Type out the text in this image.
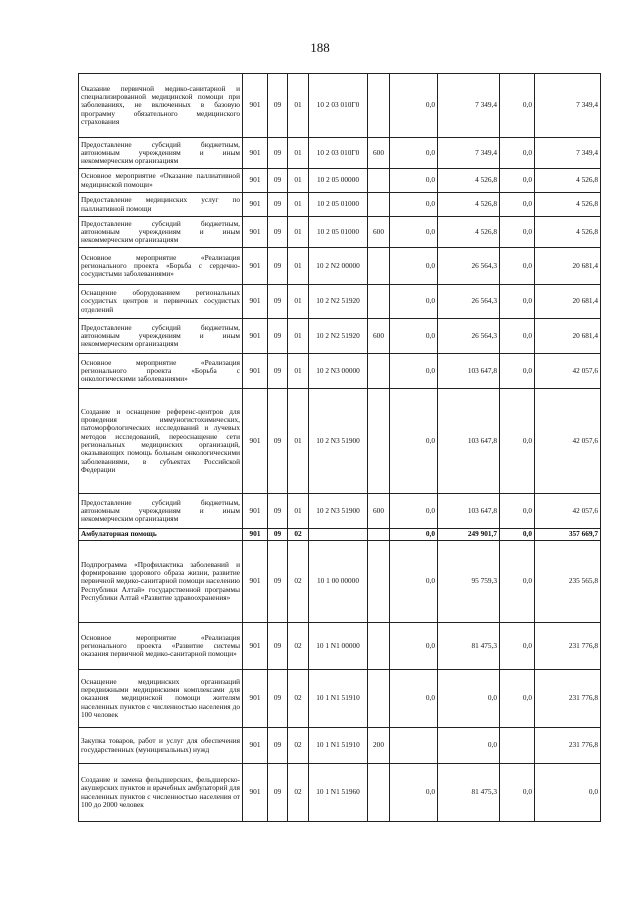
188
Оказание первичной медико-санитарной и специализированной медицинской помощи при заболеваниях, не включенных в базовую программу обязательного медицинского страхования	901	09	01	10 2 03 010Г0		0,0	7 349,4	0,0	7 349,4
Предоставление субсидий бюджетным, автономным учреждениям и иным некоммерческим организациям	901	09	01	10 2 03 010Г0	600	0,0	7 349,4	0,0	7 349,4
Основное мероприятие «Оказание паллиативной медицинской помощи»	901	09	01	10 2 05 00000		0,0	4 526,8	0,0	4 526,8
Предоставление медицинских услуг по паллиативной помощи	901	09	01	10 2 05 01000		0,0	4 526,8	0,0	4 526,8
Предоставление субсидий бюджетным, автономным учреждениям и иным некоммерческим организациям	901	09	01	10 2 05 01000	600	0,0	4 526,8	0,0	4 526,8
Основное мероприятие «Реализация регионального проекта «Борьба с сердечно-сосудистыми заболеваниями»	901	09	01	10 2 N2 00000		0,0	26 564,3	0,0	20 681,4
Оснащение оборудованием региональных сосудистых центров и первичных сосудистых отделений	901	09	01	10 2 N2 51920		0,0	26 564,3	0,0	20 681,4
Предоставление субсидий бюджетным, автономным учреждениям и иным некоммерческим организациям	901	09	01	10 2 N2 51920	600	0,0	26 564,3	0,0	20 681,4
Основное мероприятие «Реализация регионального проекта «Борьба с онкологическими заболеваниями»	901	09	01	10 2 N3 00000		0,0	103 647,8	0,0	42 057,6
Создание и оснащение референс-центров для проведения иммуногистохимических, патоморфологических исследований и лучевых методов исследований, переоснащение сети региональных медицинских организаций, оказывающих помощь больным онкологическими заболеваниями, в субъектах Российской Федерации	901	09	01	10 2 N3 51900		0,0	103 647,8	0,0	42 057,6
Предоставление субсидий бюджетным, автономным учреждениям и иным некоммерческим организациям	901	09	01	10 2 N3 51900	600	0,0	103 647,8	0,0	42 057,6
Амбулаторная помощь	901	09	02			0,0	249 901,7	0,0	357 669,7
Подпрограмма «Профилактика заболеваний и формирование здорового образа жизни, развитие первичной медико-санитарной помощи населению Республики Алтай» государственной программы Республики Алтай «Развитие здравоохранения»	901	09	02	10 1 00 00000		0,0	95 759,3	0,0	235 565,8
Основное мероприятие «Реализация регионального проекта «Развитие системы оказания первичной медико-санитарной помощи»	901	09	02	10 1 N1 00000		0,0	81 475,3	0,0	231 776,8
Оснащение медицинских организаций передвижными медицинскими комплексами для оказания медицинской помощи жителям населенных пунктов с численностью населения до 100 человек	901	09	02	10 1 N1 51910		0,0	0,0	0,0	231 776,8
Закупка товаров, работ и услуг для обеспечения государственных (муниципальных) нужд	901	09	02	10 1 N1 51910	200		0,0		231 776,8
Создание и замена фельдшерских, фельдшерско-акушерских пунктов и врачебных амбулаторий для населенных пунктов с численностью населения от 100 до 2000 человек	901	09	02	10 1 N1 51960		0,0	81 475,3	0,0	0,0
